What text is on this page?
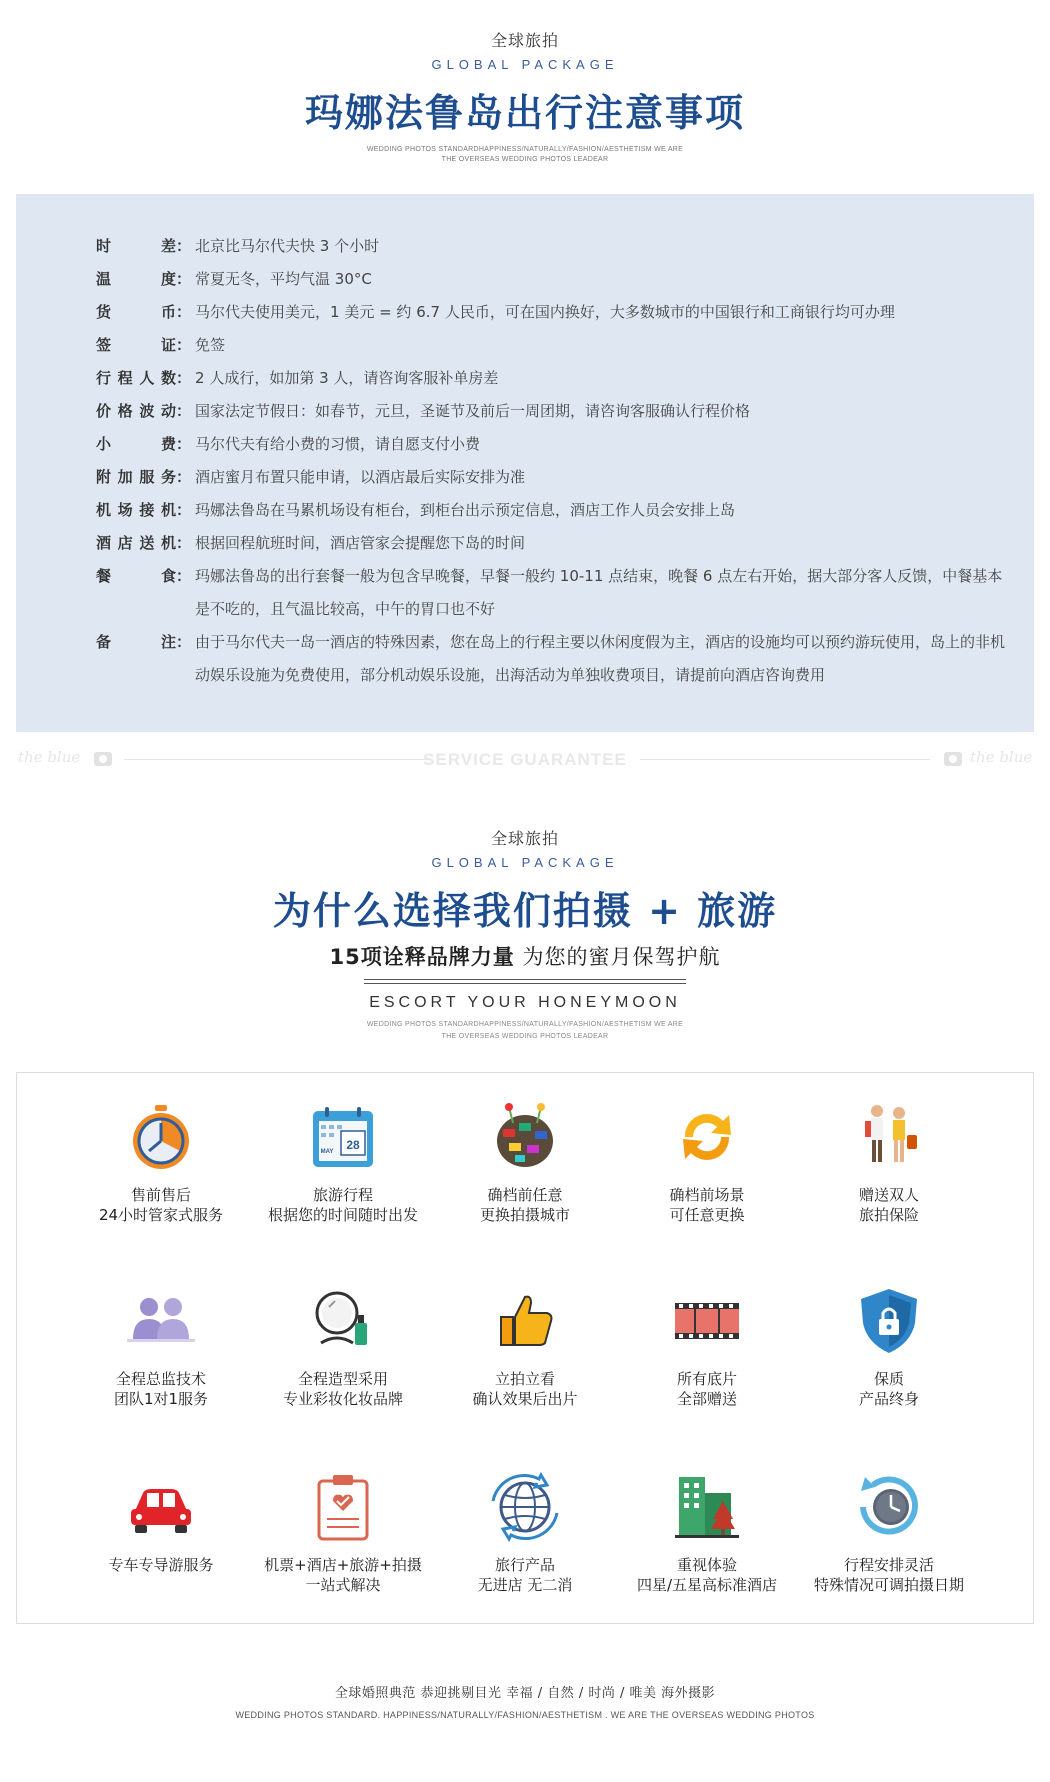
全球旅拍
GLOBAL PACKAGE
玛娜法鲁岛出行注意事项
WEDDING PHOTOS STANDARDHAPPINESS/NATURALLY/FASHION/AESTHETISM WE ARE
THE OVERSEAS WEDDING PHOTOS LEADEAR
时差 ： 北京比马尔代夫快 3 个小时
温度 ： 常夏无冬，平均气温 30°C
货币 ： 马尔代夫使用美元，1 美元 = 约 6.7 人民币，可在国内换好，大多数城市的中国银行和工商银行均可办理
签证 ： 免签
行程人数 ： 2 人成行，如加第 3 人，请咨询客服补单房差
价格波动 ： 国家法定节假日：如春节，元旦，圣诞节及前后一周团期，请咨询客服确认行程价格
小费 ： 马尔代夫有给小费的习惯，请自愿支付小费
附加服务 ： 酒店蜜月布置只能申请，以酒店最后实际安排为准
机场接机 ： 玛娜法鲁岛在马累机场设有柜台，到柜台出示预定信息，酒店工作人员会安排上岛
酒店送机 ： 根据回程航班时间，酒店管家会提醒您下岛的时间
餐食 ： 玛娜法鲁岛的出行套餐一般为包含早晚餐，早餐一般约 10-11 点结束，晚餐 6 点左右开始，据大部分客人反馈，中餐基本是不吃的，且气温比较高，中午的胃口也不好
备注 ： 由于马尔代夫一岛一酒店的特殊因素，您在岛上的行程主要以休闲度假为主，酒店的设施均可以预约游玩使用，岛上的非机动娱乐设施为免费使用，部分机动娱乐设施，出海活动为单独收费项目，请提前向酒店咨询费用
the blue	SERVICE GUARANTEE	the blue
全球旅拍
GLOBAL PACKAGE
为什么选择我们拍摄 + 旅游
15项诠释品牌力量 为您的蜜月保驾护航
ESCORT YOUR HONEYMOON
WEDDING PHOTOS STANDARDHAPPINESS/NATURALLY/FASHION/AESTHETISM WE ARE
THE OVERSEAS WEDDING PHOTOS LEADEAR
售前售后
24小时管家式服务
28
MAY
旅游行程
根据您的时间随时出发
确档前任意
更换拍摄城市
确档前场景
可任意更换
赠送双人
旅拍保险
全程总监技术
团队1对1服务
全程造型采用
专业彩妆化妆品牌
立拍立看
确认效果后出片
所有底片
全部赠送
保质
产品终身
专车专导游服务	机票+酒店+旅游+拍摄
一站式解决
旅行产品
无进店 无二消
重视体验
四星/五星高标准酒店
行程安排灵活
特殊情况可调拍摄日期
全球婚照典范 恭迎挑剔目光 幸福 / 自然 / 时尚 / 唯美 海外摄影
WEDDING PHOTOS STANDARD. HAPPINESS/NATURALLY/FASHION/AESTHETISM . WE ARE THE OVERSEAS WEDDING PHOTOS
